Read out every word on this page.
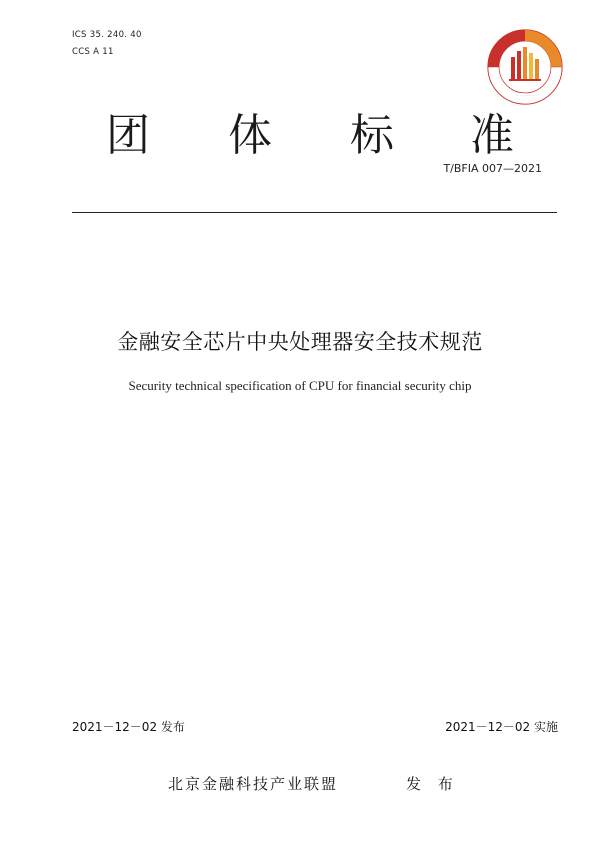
ICS 35. 240. 40
CCS A 11
· · · · · · · · ·
团 体 标 准
T/BFIA 007—2021
金融安全芯片中央处理器安全技术规范
Security technical specification of CPU for financial security chip
2021－12－02 发布	2021－12－02 实施
北京金融科技产业联盟	发 布
